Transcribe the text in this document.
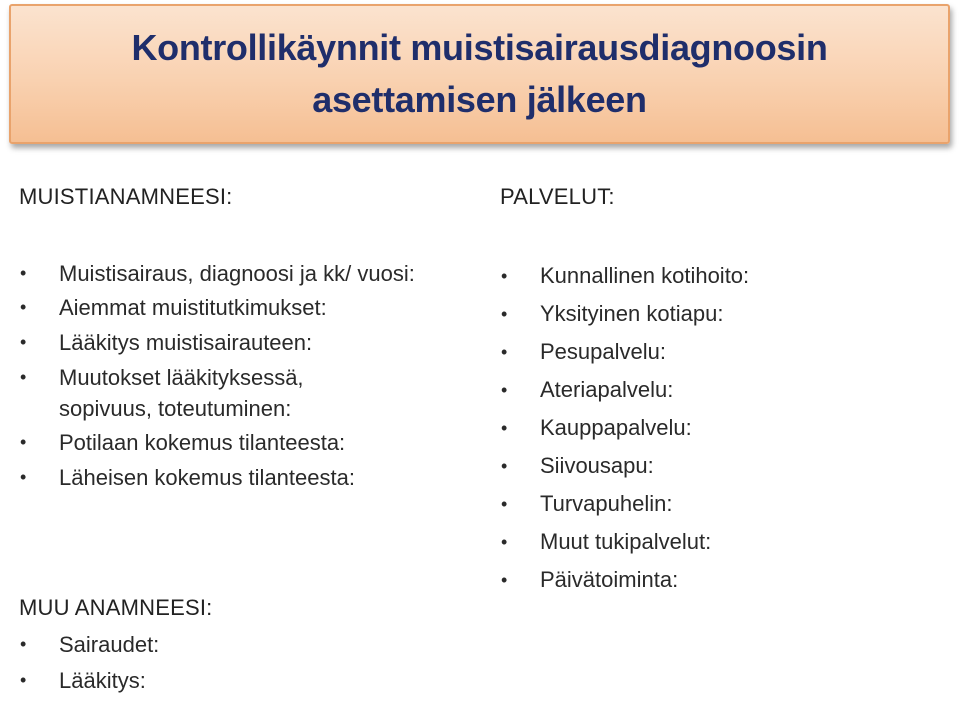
Kontrollikäynnit muistisairausdiagnoosin
asettamisen jälkeen
MUISTIANAMNEESI:
• Muistisairaus, diagnoosi ja kk/ vuosi:
• Aiemmat muistitutkimukset:
• Lääkitys muistisairauteen:
• Muutokset lääkityksessä, sopivuus, toteutuminen:
• Potilaan kokemus tilanteesta:
• Läheisen kokemus tilanteesta:
MUU ANAMNEESI:
• Sairaudet:
• Lääkitys:
PALVELUT:
• Kunnallinen kotihoito:
• Yksityinen kotiapu:
• Pesupalvelu:
• Ateriapalvelu:
• Kauppapalvelu:
• Siivousapu:
• Turvapuhelin:
• Muut tukipalvelut:
• Päivätoiminta:
